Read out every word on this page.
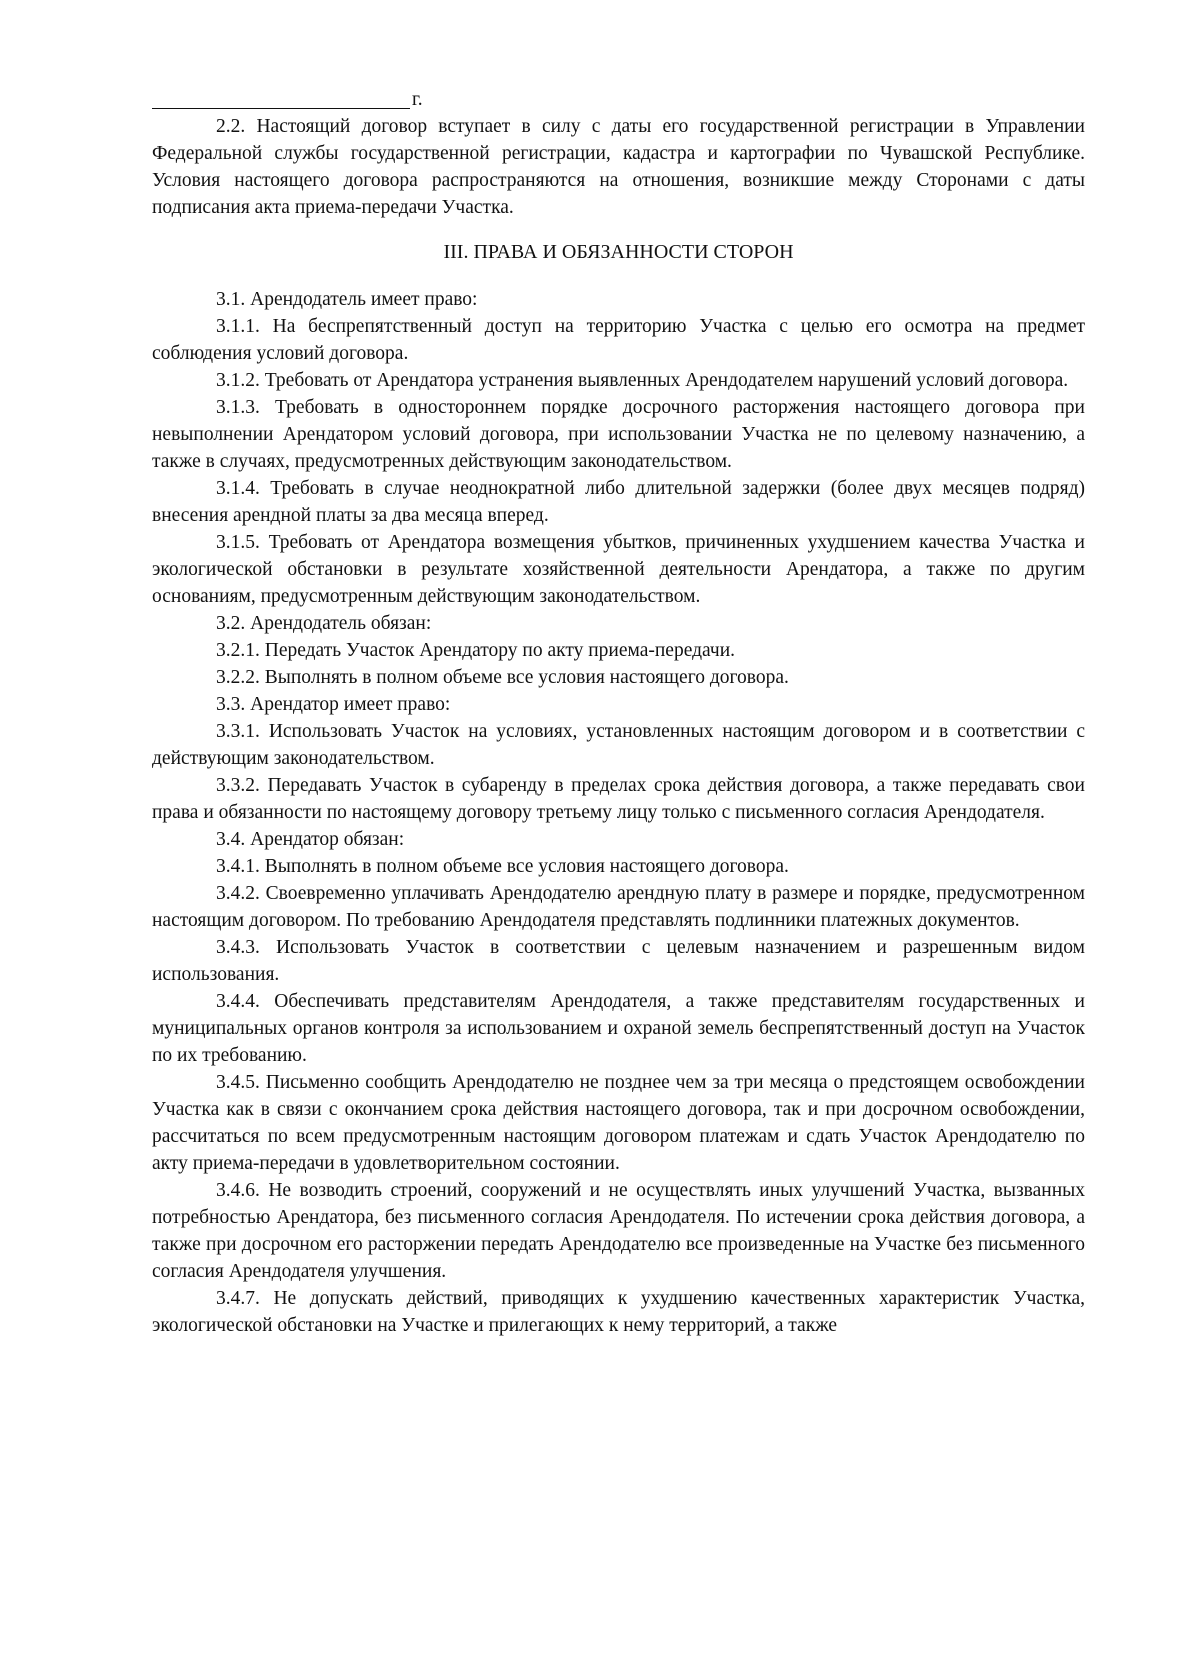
г.

2.2. Настоящий договор вступает в силу с даты его государственной регистрации в Управлении Федеральной службы государственной регистрации, кадастра и картографии по Чувашской Республике. Условия настоящего договора распространяются на отношения, возникшие между Сторонами с даты подписания акта приема-передачи Участка.

III. ПРАВА И ОБЯЗАННОСТИ СТОРОН

3.1. Арендодатель имеет право:

3.1.1. На беспрепятственный доступ на территорию Участка с целью его осмотра на предмет соблюдения условий договора.

3.1.2. Требовать от Арендатора устранения выявленных Арендодателем нарушений условий договора.

3.1.3. Требовать в одностороннем порядке досрочного расторжения настоящего договора при невыполнении Арендатором условий договора, при использовании Участка не по целевому назначению, а также в случаях, предусмотренных действующим законодательством.

3.1.4. Требовать в случае неоднократной либо длительной задержки (более двух месяцев подряд) внесения арендной платы за два месяца вперед.

3.1.5. Требовать от Арендатора возмещения убытков, причиненных ухудшением качества Участка и экологической обстановки в результате хозяйственной деятельности Арендатора, а также по другим основаниям, предусмотренным действующим законодательством.

3.2. Арендодатель обязан:

3.2.1. Передать Участок Арендатору по акту приема-передачи.

3.2.2. Выполнять в полном объеме все условия настоящего договора.

3.3. Арендатор имеет право:

3.3.1. Использовать Участок на условиях, установленных настоящим договором и в соответствии с действующим законодательством.

3.3.2. Передавать Участок в субаренду в пределах срока действия договора, а также передавать свои права и обязанности по настоящему договору третьему лицу только с письменного согласия Арендодателя.

3.4. Арендатор обязан:

3.4.1. Выполнять в полном объеме все условия настоящего договора.

3.4.2. Своевременно уплачивать Арендодателю арендную плату в размере и порядке, предусмотренном настоящим договором. По требованию Арендодателя представлять подлинники платежных документов.

3.4.3. Использовать Участок в соответствии с целевым назначением и разрешенным видом использования.

3.4.4. Обеспечивать представителям Арендодателя, а также представителям государственных и муниципальных органов контроля за использованием и охраной земель беспрепятственный доступ на Участок по их требованию.

3.4.5. Письменно сообщить Арендодателю не позднее чем за три месяца о предстоящем освобождении Участка как в связи с окончанием срока действия настоящего договора, так и при досрочном освобождении, рассчитаться по всем предусмотренным настоящим договором платежам и сдать Участок Арендодателю по акту приема-передачи в удовлетворительном состоянии.

3.4.6. Не возводить строений, сооружений и не осуществлять иных улучшений Участка, вызванных потребностью Арендатора, без письменного согласия Арендодателя. По истечении срока действия договора, а также при досрочном его расторжении передать Арендодателю все произведенные на Участке без письменного согласия Арендодателя улучшения.

3.4.7. Не допускать действий, приводящих к ухудшению качественных характеристик Участка, экологической обстановки на Участке и прилегающих к нему территорий, а также
